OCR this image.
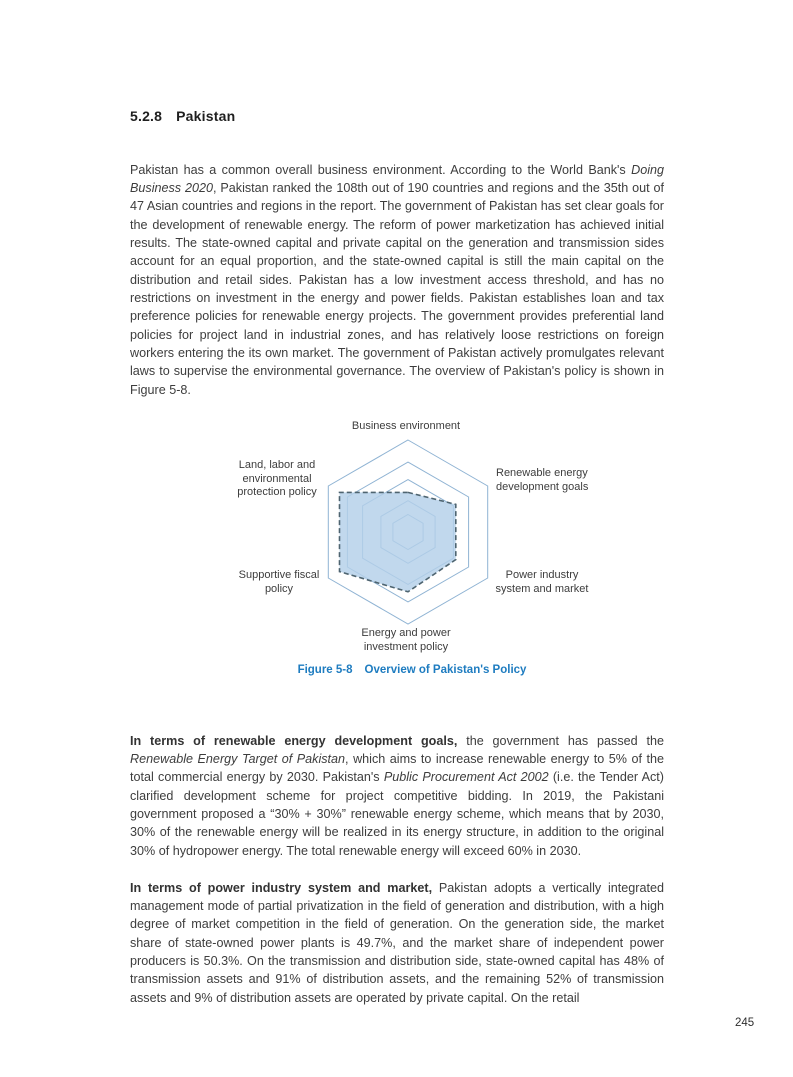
5.2.8 Pakistan

Pakistan has a common overall business environment. According to the World Bank's Doing Business 2020, Pakistan ranked the 108th out of 190 countries and regions and the 35th out of 47 Asian countries and regions in the report. The government of Pakistan has set clear goals for the development of renewable energy. The reform of power marketization has achieved initial results. The state-owned capital and private capital on the generation and transmission sides account for an equal proportion, and the state-owned capital is still the main capital on the distribution and retail sides. Pakistan has a low investment access threshold, and has no restrictions on investment in the energy and power fields. Pakistan establishes loan and tax preference policies for renewable energy projects. The government provides preferential land policies for project land in industrial zones, and has relatively loose restrictions on foreign workers entering the its own market. The government of Pakistan actively promulgates relevant laws to supervise the environmental governance. The overview of Pakistan's policy is shown in Figure 5-8.

Business environment
Renewable energy
development goals
Power industry
system and market
Energy and power
investment policy
Supportive fiscal
policy
Land, labor and
environmental
protection policy
Figure 5-8 Overview of Pakistan's Policy

In terms of renewable energy development goals, the government has passed the Renewable Energy Target of Pakistan, which aims to increase renewable energy to 5% of the total commercial energy by 2030. Pakistan's Public Procurement Act 2002 (i.e. the Tender Act) clarified development scheme for project competitive bidding. In 2019, the Pakistani government proposed a “30% + 30%” renewable energy scheme, which means that by 2030, 30% of the renewable energy will be realized in its energy structure, in addition to the original 30% of hydropower energy. The total renewable energy will exceed 60% in 2030.

In terms of power industry system and market, Pakistan adopts a vertically integrated management mode of partial privatization in the field of generation and distribution, with a high degree of market competition in the field of generation. On the generation side, the market share of state-owned power plants is 49.7%, and the market share of independent power producers is 50.3%. On the transmission and distribution side, state-owned capital has 48% of transmission assets and 91% of distribution assets, and the remaining 52% of transmission assets and 9% of distribution assets are operated by private capital. On the retail

245
